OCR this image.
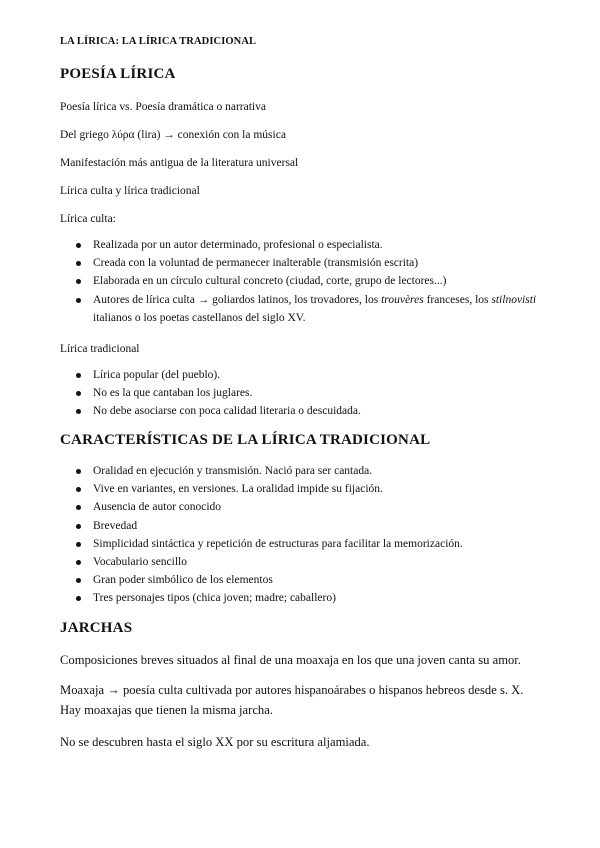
LA LÍRICA: LA LÍRICA TRADICIONAL
POESÍA LÍRICA
Poesía lírica vs. Poesía dramática o narrativa
Del griego λύρα (lira) → conexión con la música
Manifestación más antigua de la literatura universal
Lírica culta y lírica tradicional
Lírica culta:
Realizada por un autor determinado, profesional o especialista.
Creada con la voluntad de permanecer inalterable (transmisión escrita)
Elaborada en un círculo cultural concreto (ciudad, corte, grupo de lectores...)
Autores de lírica culta → goliardos latinos, los trovadores, los trouvères franceses, los stilnovisti italianos o los poetas castellanos del siglo XV.
Lírica tradicional
Lírica popular (del pueblo).
No es la que cantaban los juglares.
No debe asociarse con poca calidad literaria o descuidada.
CARACTERÍSTICAS DE LA LÍRICA TRADICIONAL
Oralidad en ejecución y transmisión. Nació para ser cantada.
Vive en variantes, en versiones. La oralidad impide su fijación.
Ausencia de autor conocido
Brevedad
Simplicidad sintáctica y repetición de estructuras para facilitar la memorización.
Vocabulario sencillo
Gran poder simbólico de los elementos
Tres personajes tipos (chica joven; madre; caballero)
JARCHAS
Composiciones breves situados al final de una moaxaja en los que una joven canta su amor.
Moaxaja → poesía culta cultivada por autores hispanoárabes o hispanos hebreos desde s. X. Hay moaxajas que tienen la misma jarcha.
No se descubren hasta el siglo XX por su escritura aljamiada.
